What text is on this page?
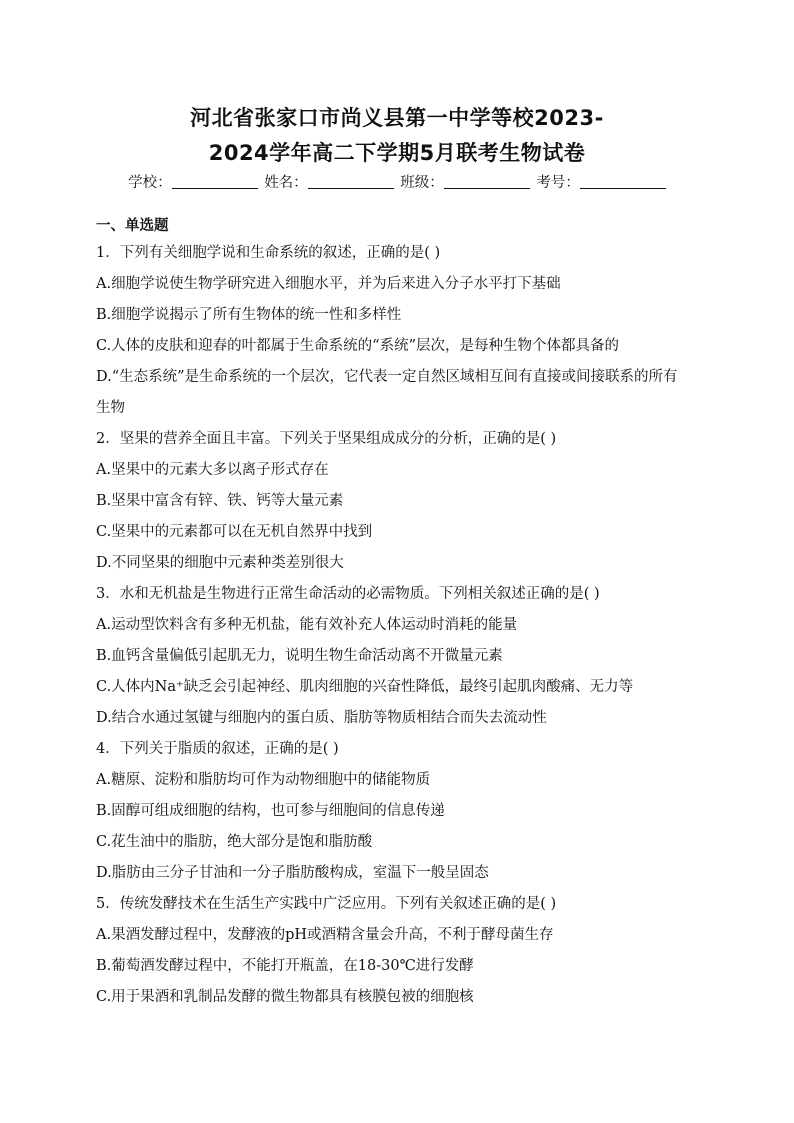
河北省张家口市尚义县第一中学等校2023-
2024学年高二下学期5月联考生物试卷
学校：	姓名：	班级：	考号：
一、单选题
1．下列有关细胞学说和生命系统的叙述，正确的是( )
A.细胞学说使生物学研究进入细胞水平，并为后来进入分子水平打下基础
B.细胞学说揭示了所有生物体的统一性和多样性
C.人体的皮肤和迎春的叶都属于生命系统的“系统”层次，是每种生物个体都具备的
D.“生态系统”是生命系统的一个层次，它代表一定自然区域相互间有直接或间接联系的所有生物
2．坚果的营养全面且丰富。下列关于坚果组成成分的分析，正确的是( )
A.坚果中的元素大多以离子形式存在
B.坚果中富含有锌、铁、钙等大量元素
C.坚果中的元素都可以在无机自然界中找到
D.不同坚果的细胞中元素种类差别很大
3．水和无机盐是生物进行正常生命活动的必需物质。下列相关叙述正确的是( )
A.运动型饮料含有多种无机盐，能有效补充人体运动时消耗的能量
B.血钙含量偏低引起肌无力，说明生物生命活动离不开微量元素
C.人体内Na⁺缺乏会引起神经、肌肉细胞的兴奋性降低，最终引起肌肉酸痛、无力等
D.结合水通过氢键与细胞内的蛋白质、脂肪等物质相结合而失去流动性
4．下列关于脂质的叙述，正确的是( )
A.糖原、淀粉和脂肪均可作为动物细胞中的储能物质
B.固醇可组成细胞的结构，也可参与细胞间的信息传递
C.花生油中的脂肪，绝大部分是饱和脂肪酸
D.脂肪由三分子甘油和一分子脂肪酸构成，室温下一般呈固态
5．传统发酵技术在生活生产实践中广泛应用。下列有关叙述正确的是( )
A.果酒发酵过程中，发酵液的pH或酒精含量会升高，不利于酵母菌生存
B.葡萄酒发酵过程中，不能打开瓶盖，在18-30℃进行发酵
C.用于果酒和乳制品发酵的微生物都具有核膜包被的细胞核
